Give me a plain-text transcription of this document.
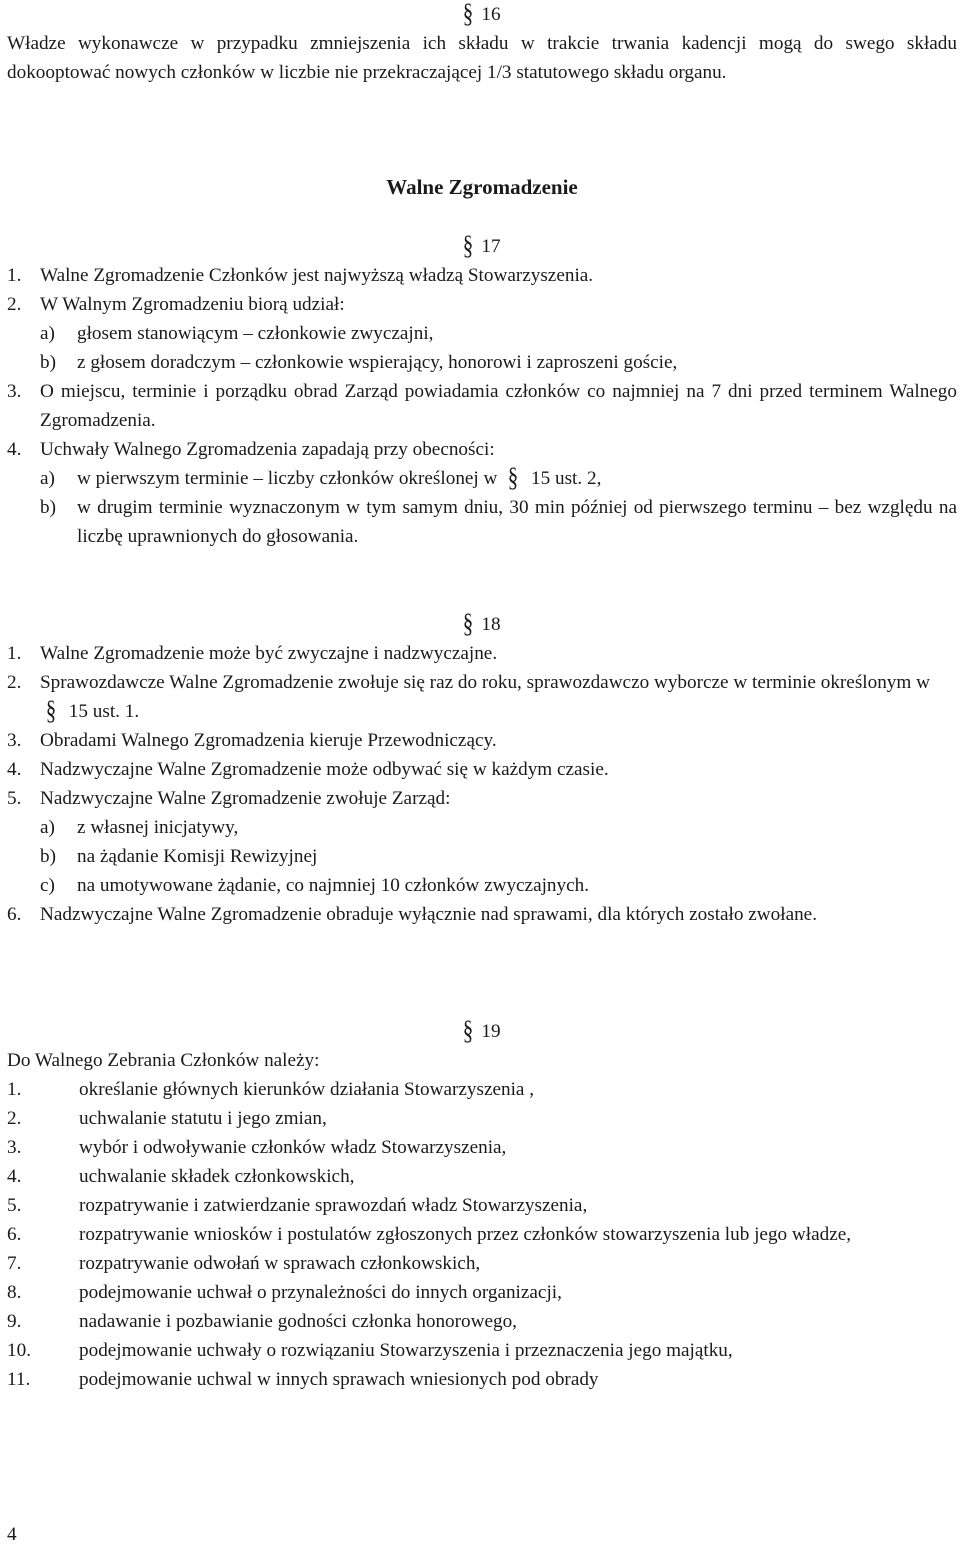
§ 16
Władze wykonawcze w przypadku zmniejszenia ich składu w trakcie trwania kadencji mogą do swego składu dokooptować nowych członków w liczbie nie przekraczającej 1/3 statutowego składu organu.
Walne Zgromadzenie
§ 17
1. Walne Zgromadzenie Członków jest najwyższą władzą Stowarzyszenia.
2. W Walnym Zgromadzeniu biorą udział:
a)	głosem stanowiącym – członkowie zwyczajni,
b)	z głosem doradczym – członkowie wspierający, honorowi i zaproszeni goście,
3. O miejscu, terminie i porządku obrad Zarząd powiadamia członków co najmniej na 7 dni przed terminem Walnego Zgromadzenia.
4. Uchwały Walnego Zgromadzenia zapadają przy obecności:
a)	w pierwszym terminie – liczby członków określonej w § 15 ust. 2,
b)	w drugim terminie wyznaczonym w tym samym dniu, 30 min później od pierwszego terminu – bez względu na liczbę uprawnionych do głosowania.
§ 18
1. Walne Zgromadzenie może być zwyczajne i nadzwyczajne.
2. Sprawozdawcze Walne Zgromadzenie zwołuje się raz do roku, sprawozdawczo wyborcze w terminie określonym w § 15 ust. 1.
3. Obradami Walnego Zgromadzenia kieruje Przewodniczący.
4. Nadzwyczajne Walne Zgromadzenie może odbywać się w każdym czasie.
5. Nadzwyczajne Walne Zgromadzenie zwołuje Zarząd:
a)	z własnej inicjatywy,
b)	na żądanie Komisji Rewizyjnej
c)	na umotywowane żądanie, co najmniej 10 członków zwyczajnych.
6. Nadzwyczajne Walne Zgromadzenie obraduje wyłącznie nad sprawami, dla których zostało zwołane.
§ 19
Do Walnego Zebrania Członków należy:
1.	określanie głównych kierunków działania Stowarzyszenia ,
2.	uchwalanie statutu i jego zmian,
3.	wybór i odwoływanie członków władz Stowarzyszenia,
4.	uchwalanie składek członkowskich,
5.	rozpatrywanie i zatwierdzanie sprawozdań władz Stowarzyszenia,
6.	rozpatrywanie wniosków i postulatów zgłoszonych przez członków stowarzyszenia lub jego władze,
7.	rozpatrywanie odwołań w sprawach członkowskich,
8.	podejmowanie uchwał o przynależności do innych organizacji,
9.	nadawanie i pozbawianie godności członka honorowego,
10.	podejmowanie uchwały o rozwiązaniu Stowarzyszenia i przeznaczenia jego majątku,
11.	podejmowanie uchwal w innych sprawach wniesionych pod obrady
4
